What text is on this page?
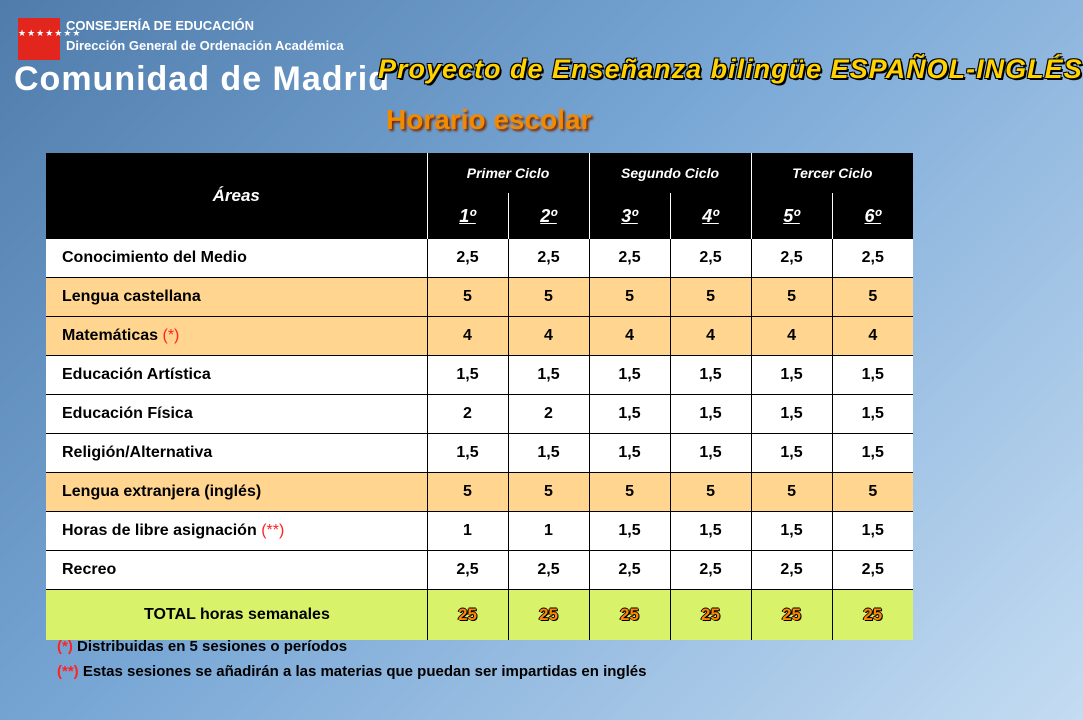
★★★★★★★
CONSEJERÍA DE EDUCACIÓN
Dirección General de Ordenación Académica
Comunidad de Madrid
Proyecto de Enseñanza bilingüe ESPAÑOL-INGLÉS
Horario escolar
Áreas	Primer Ciclo		Segundo Ciclo		Tercer Ciclo	
	1º	2º	3º	4º	5º	6º
Conocimiento del Medio	2,5	2,5	2,5	2,5	2,5	2,5
Lengua castellana	5	5	5	5	5	5
Matemáticas (*)	4	4	4	4	4	4
Educación Artística	1,5	1,5	1,5	1,5	1,5	1,5
Educación Física	2	2	1,5	1,5	1,5	1,5
Religión/Alternativa	1,5	1,5	1,5	1,5	1,5	1,5
Lengua extranjera (inglés)	5	5	5	5	5	5
Horas de libre asignación (**)	1	1	1,5	1,5	1,5	1,5
Recreo	2,5	2,5	2,5	2,5	2,5	2,5
TOTAL horas semanales	25	25	25	25	25	25
(*) Distribuidas en 5 sesiones o períodos
(**) Estas sesiones se añadirán a las materias que puedan ser impartidas en inglés
